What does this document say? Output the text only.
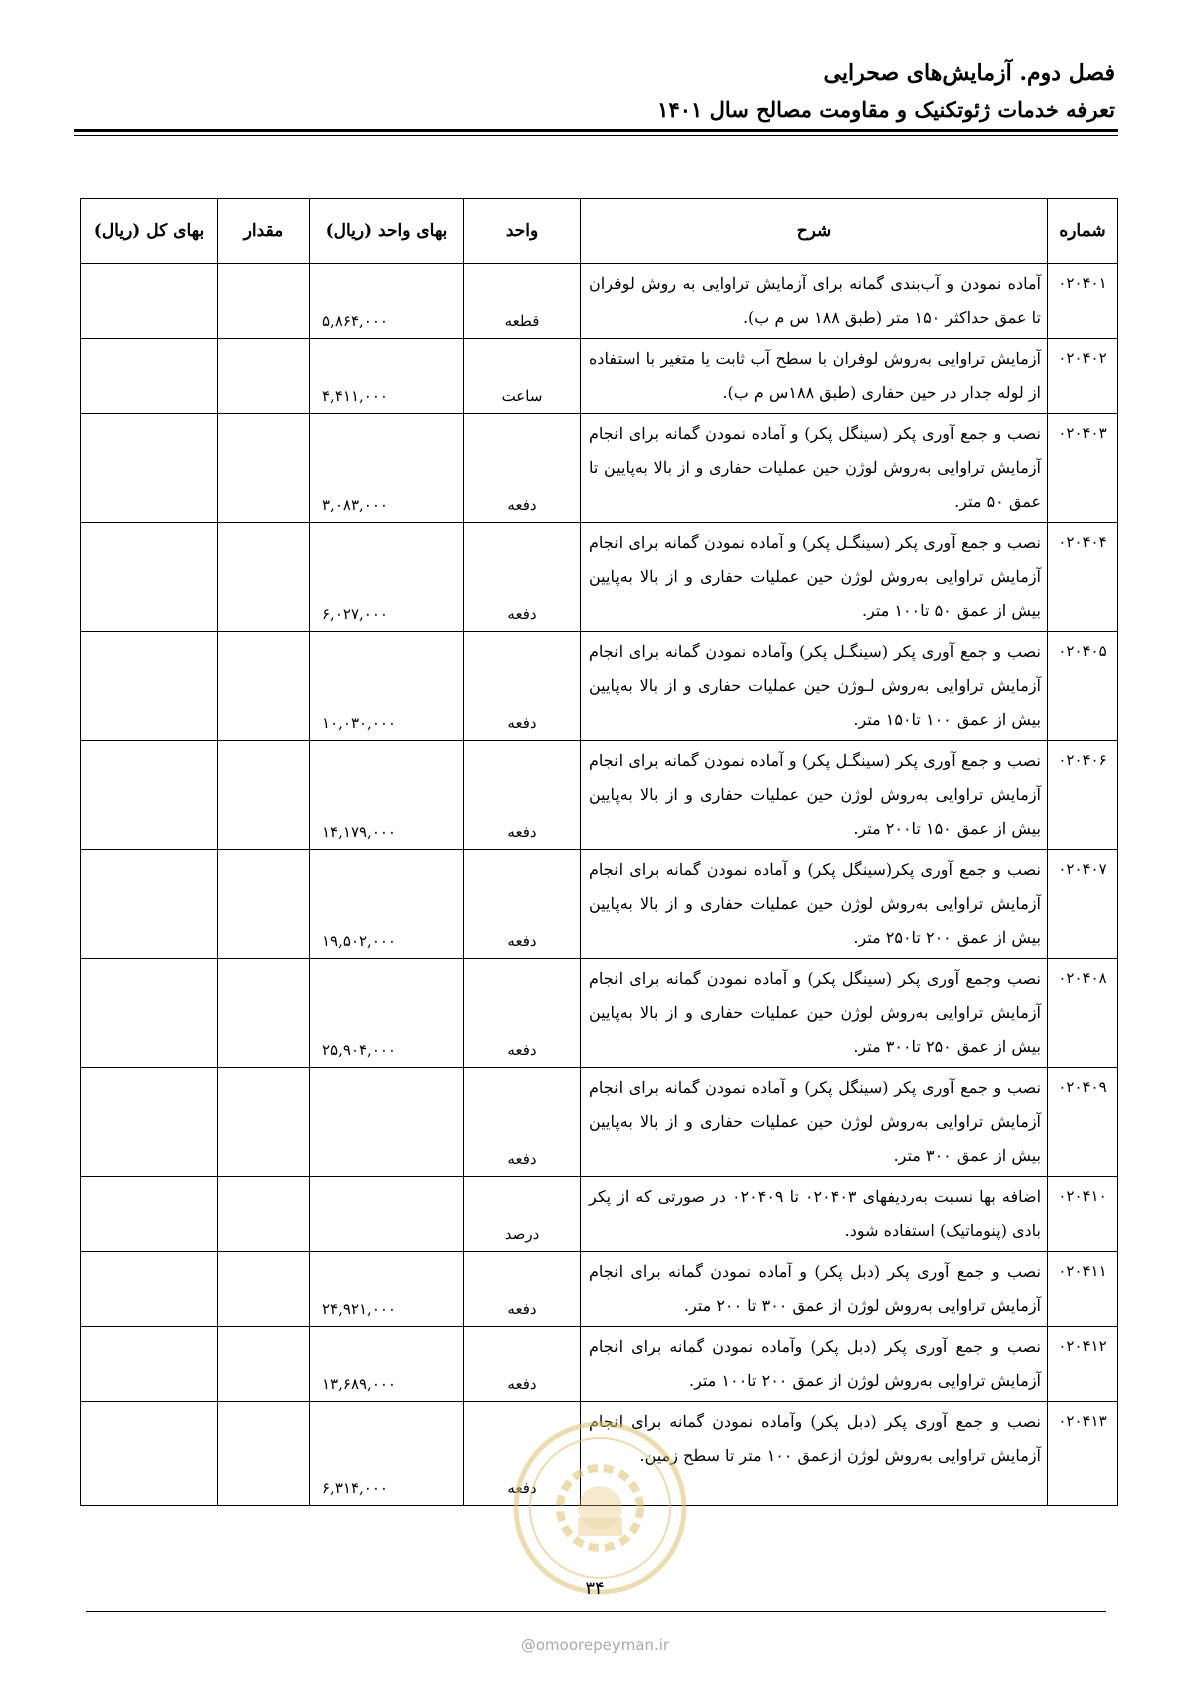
فصل دوم. آزمایش‌های صحرایی
تعرفه خدمات ژئوتکنیک و مقاومت مصالح سال ۱۴۰۱
شماره	شرح	واحد	بهای واحد (ریال)	مقدار	بهای کل (ریال)
۰۲۰۴۰۱	آماده نمودن و آب‌بندی گمانه برای آزمایش تراوایی به روش لوفران تا عمق حداکثر ۱۵۰ متر (طبق ۱۸۸ س م ب).	قطعه	۵,۸۶۴,۰۰۰		
۰۲۰۴۰۲	آزمایش تراوایی به‌روش لوفران با سطح آب ثابت یا متغیر با استفاده از لوله جدار در حین حفاری (طبق ۱۸۸س م ب).	ساعت	۴,۴۱۱,۰۰۰		
۰۲۰۴۰۳	نصب و جمع آوری پکر (سینگل پکر) و آماده نمودن گمانه برای انجام آزمایش تراوایی به‌روش لوژن حین عملیات حفاری و از بالا به‌پایین تا عمق ۵۰ متر.	دفعه	۳,۰۸۳,۰۰۰		
۰۲۰۴۰۴	نصب و جمع آوری پکر (سینگـل پکر) و آماده نمودن گمانه برای انجام آزمایش تراوایی به‌روش لوژن حین عملیات حفاری و از بالا به‌پایین بیش از عمق ۵۰ تا۱۰۰ متر.	دفعه	۶,۰۲۷,۰۰۰		
۰۲۰۴۰۵	نصب و جمع آوری پکر (سینگـل پکر) وآماده نمودن گمانه برای انجام آزمایش تراوایی به‌روش لـوژن حین عملیات حفاری و از بالا به‌پایین بیش از عمق ۱۰۰ تا۱۵۰ متر.	دفعه	۱۰,۰۳۰,۰۰۰		
۰۲۰۴۰۶	نصب و جمع آوری پکر (سینگـل پکر) و آماده نمودن گمانه برای انجام آزمایش تراوایی به‌روش لوژن حین عملیات حفاری و از بالا به‌پایین بیش از عمق ۱۵۰ تا۲۰۰ متر.	دفعه	۱۴,۱۷۹,۰۰۰		
۰۲۰۴۰۷	نصب و جمع آوری پکر(سینگل پکر) و آماده نمودن گمانه برای انجام آزمایش تراوایی به‌روش لوژن حین عملیات حفاری و از بالا به‌پایین بیش از عمق ۲۰۰ تا۲۵۰ متر.	دفعه	۱۹,۵۰۲,۰۰۰		
۰۲۰۴۰۸	نصب وجمع آوری پکر (سینگل پکر) و آماده نمودن گمانه برای انجام آزمایش تراوایی به‌روش لوژن حین عملیات حفاری و از بالا به‌پایین بیش از عمق ۲۵۰ تا۳۰۰ متر.	دفعه	۲۵,۹۰۴,۰۰۰		
۰۲۰۴۰۹	نصب و جمع آوری پکر (سینگل پکر) و آماده نمودن گمانه برای انجام آزمایش تراوایی به‌روش لوژن حین عملیات حفاری و از بالا به‌پایین بیش از عمق ۳۰۰ متر.	دفعه			
۰۲۰۴۱۰	اضافه بها نسبت به‌ردیفهای ۰۲۰۴۰۳ تا ۰۲۰۴۰۹ در صورتی که از پکر بادی (پنوماتیک) استفاده شود.	درصد			
۰۲۰۴۱۱	نصب و جمع آوری پکر (دبل پکر) و آماده نمودن گمانه برای انجام آزمایش تراوایی به‌روش لوژن از عمق ۳۰۰ تا ۲۰۰ متر.	دفعه	۲۴,۹۲۱,۰۰۰		
۰۲۰۴۱۲	نصب و جمع آوری پکر (دبل پکر) وآماده نمودن گمانه برای انجام آزمایش تراوایی به‌روش لوژن از عمق ۲۰۰ تا۱۰۰ متر.	دفعه	۱۳,۶۸۹,۰۰۰		
۰۲۰۴۱۳	نصب و جمع آوری پکر (دبل پکر) وآماده نمودن گمانه برای انجام آزمایش تراوایی به‌روش لوژن ازعمق ۱۰۰ متر تا سطح زمین.	دفعه	۶,۳۱۴,۰۰۰		
۳۴
@omoorepeyman.ir
